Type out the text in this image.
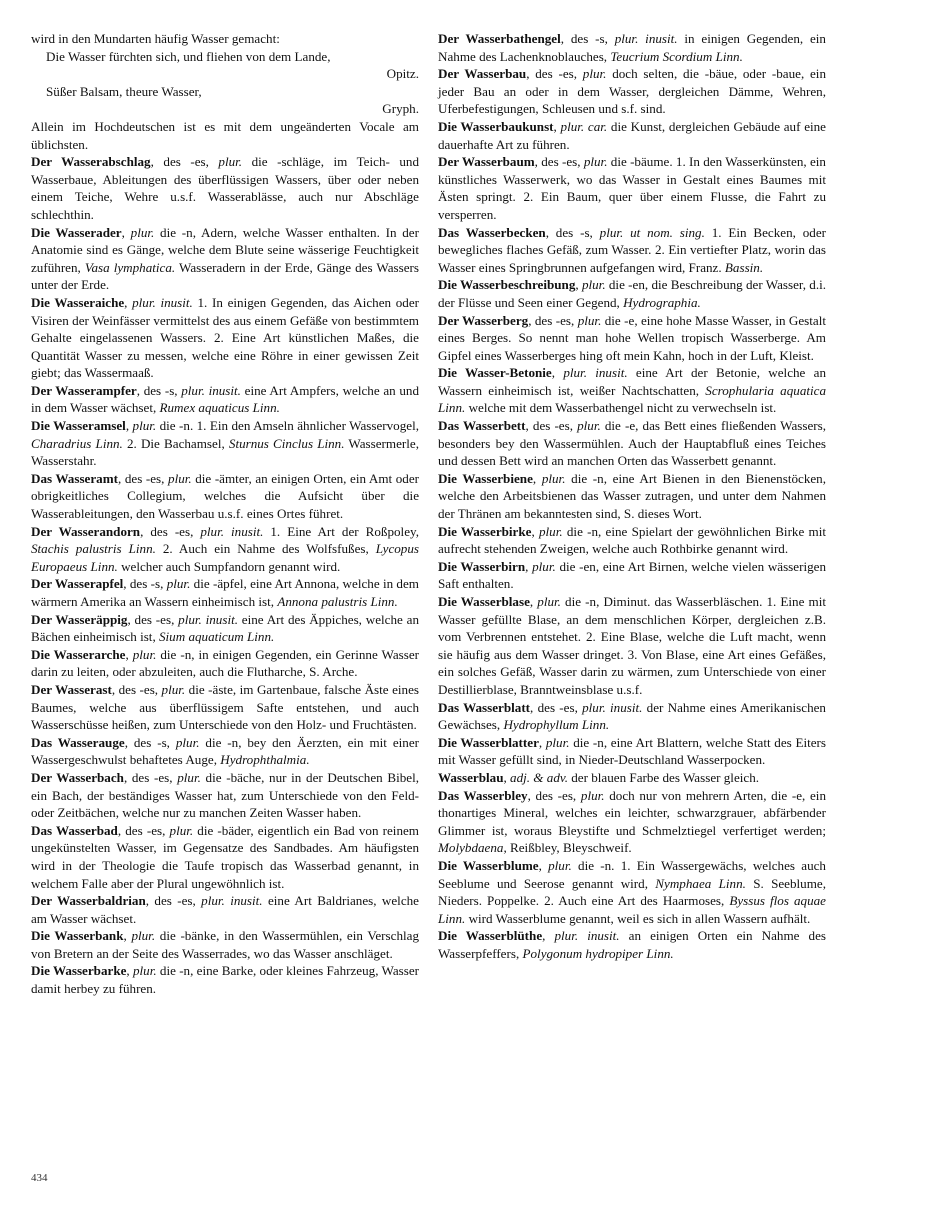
wird in den Mundarten häufig Wasser gemacht:

Die Wasser fürchten sich, und fliehen von dem Lande,

Opitz.

Süßer Balsam, theure Wasser,

Gryph.

Allein im Hochdeutschen ist es mit dem ungeänderten Vocale am üblichsten.

Der Wasserabschlag, des -es, plur. die -schläge, im Teich- und Wasserbaue, Ableitungen des überflüssigen Wassers, über oder neben einem Teiche, Wehre u.s.f. Wasserablässe, auch nur Abschläge schlechthin.

Die Wasserader, plur. die -n, Adern, welche Wasser enthalten. In der Anatomie sind es Gänge, welche dem Blute seine wässerige Feuchtigkeit zuführen, Vasa lymphatica. Wasseradern in der Erde, Gänge des Wassers unter der Erde.

Die Wasseraiche, plur. inusit. 1. In einigen Gegenden, das Aichen oder Visiren der Weinfässer vermittelst des aus einem Gefäße von bestimmtem Gehalte eingelassenen Wassers. 2. Eine Art künstlichen Maßes, die Quantität Wasser zu messen, welche eine Röhre in einer gewissen Zeit giebt; das Wassermaaß.

Der Wasserampfer, des -s, plur. inusit. eine Art Ampfers, welche an und in dem Wasser wächset, Rumex aquaticus Linn.

Die Wasseramsel, plur. die -n. 1. Ein den Amseln ähnlicher Wasservogel, Charadrius Linn. 2. Die Bachamsel, Sturnus Cinclus Linn. Wassermerle, Wasserstahr.

Das Wasseramt, des -es, plur. die -ämter, an einigen Orten, ein Amt oder obrigkeitliches Collegium, welches die Aufsicht über die Wasserableitungen, den Wasserbau u.s.f. eines Ortes führet.

Der Wasserandorn, des -es, plur. inusit. 1. Eine Art der Roßpoley, Stachis palustris Linn. 2. Auch ein Nahme des Wolfsfußes, Lycopus Europaeus Linn. welcher auch Sumpfandorn genannt wird.

Der Wasserapfel, des -s, plur. die -äpfel, eine Art Annona, welche in dem wärmern Amerika an Wassern einheimisch ist, Annona palustris Linn.

Der Wasseräppig, des -es, plur. inusit. eine Art des Äppiches, welche an Bächen einheimisch ist, Sium aquaticum Linn.

Die Wasserarche, plur. die -n, in einigen Gegenden, ein Gerinne Wasser darin zu leiten, oder abzuleiten, auch die Flutharche, S. Arche.

Der Wasserast, des -es, plur. die -äste, im Gartenbaue, falsche Äste eines Baumes, welche aus überflüssigem Safte entstehen, und auch Wasserschüsse heißen, zum Unterschiede von den Holz- und Fruchtästen.

Das Wasserauge, des -s, plur. die -n, bey den Äerzten, ein mit einer Wassergeschwulst behaftetes Auge, Hydrophthalmia.

Der Wasserbach, des -es, plur. die -bäche, nur in der Deutschen Bibel, ein Bach, der beständiges Wasser hat, zum Unterschiede von den Feld- oder Zeitbächen, welche nur zu manchen Zeiten Wasser haben.

Das Wasserbad, des -es, plur. die -bäder, eigentlich ein Bad von reinem ungekünstelten Wasser, im Gegensatze des Sandbades. Am häufigsten wird in der Theologie die Taufe tropisch das Wasserbad genannt, in welchem Falle aber der Plural ungewöhnlich ist.

Der Wasserbaldrian, des -es, plur. inusit. eine Art Baldrianes, welche am Wasser wächset.

Die Wasserbank, plur. die -bänke, in den Wassermühlen, ein Verschlag von Bretern an der Seite des Wasserrades, wo das Wasser anschläget.

Die Wasserbarke, plur. die -n, eine Barke, oder kleines Fahrzeug, Wasser damit herbey zu führen.

Der Wasserbathengel, des -s, plur. inusit. in einigen Gegenden, ein Nahme des Lachenknoblauches, Teucrium Scordium Linn.

Der Wasserbau, des -es, plur. doch selten, die -bäue, oder -baue, ein jeder Bau an oder in dem Wasser, dergleichen Dämme, Wehren, Uferbefestigungen, Schleusen und s.f. sind.

Die Wasserbaukunst, plur. car. die Kunst, dergleichen Gebäude auf eine dauerhafte Art zu führen.

Der Wasserbaum, des -es, plur. die -bäume. 1. In den Wasserkünsten, ein künstliches Wasserwerk, wo das Wasser in Gestalt eines Baumes mit Ästen springt. 2. Ein Baum, quer über einem Flusse, die Fahrt zu versperren.

Das Wasserbecken, des -s, plur. ut nom. sing. 1. Ein Becken, oder bewegliches flaches Gefäß, zum Wasser. 2. Ein vertiefter Platz, worin das Wasser eines Springbrunnen aufgefangen wird, Franz. Bassin.

Die Wasserbeschreibung, plur. die -en, die Beschreibung der Wasser, d.i. der Flüsse und Seen einer Gegend, Hydrographia.

Der Wasserberg, des -es, plur. die -e, eine hohe Masse Wasser, in Gestalt eines Berges. So nennt man hohe Wellen tropisch Wasserberge. Am Gipfel eines Wasserberges hing oft mein Kahn, hoch in der Luft, Kleist.

Die Wasser-Betonie, plur. inusit. eine Art der Betonie, welche an Wassern einheimisch ist, weißer Nachtschatten, Scrophularia aquatica Linn. welche mit dem Wasserbathengel nicht zu verwechseln ist.

Das Wasserbett, des -es, plur. die -e, das Bett eines fließenden Wassers, besonders bey den Wassermühlen. Auch der Hauptabfluß eines Teiches und dessen Bett wird an manchen Orten das Wasserbett genannt.

Die Wasserbiene, plur. die -n, eine Art Bienen in den Bienenstöcken, welche den Arbeitsbienen das Wasser zutragen, und unter dem Nahmen der Thränen am bekanntesten sind, S. dieses Wort.

Die Wasserbirke, plur. die -n, eine Spielart der gewöhnlichen Birke mit aufrecht stehenden Zweigen, welche auch Rothbirke genannt wird.

Die Wasserbirn, plur. die -en, eine Art Birnen, welche vielen wässerigen Saft enthalten.

Die Wasserblase, plur. die -n, Diminut. das Wasserbläschen. 1. Eine mit Wasser gefüllte Blase, an dem menschlichen Körper, dergleichen z.B. vom Verbrennen entstehet. 2. Eine Blase, welche die Luft macht, wenn sie häufig aus dem Wasser dringet. 3. Von Blase, eine Art eines Gefäßes, ein solches Gefäß, Wasser darin zu wärmen, zum Unterschiede von einer Destillierblase, Branntweinsblase u.s.f.

Das Wasserblatt, des -es, plur. inusit. der Nahme eines Amerikanischen Gewächses, Hydrophyllum Linn.

Die Wasserblatter, plur. die -n, eine Art Blattern, welche Statt des Eiters mit Wasser gefüllt sind, in Nieder-Deutschland Wasserpocken.

Wasserblau, adj. & adv. der blauen Farbe des Wasser gleich.

Das Wasserbley, des -es, plur. doch nur von mehrern Arten, die -e, ein thonartiges Mineral, welches ein leichter, schwarzgrauer, abfärbender Glimmer ist, woraus Bleystifte und Schmelztiegel verfertiget werden; Molybdaena, Reißbley, Bleyschweif.

Die Wasserblume, plur. die -n. 1. Ein Wassergewächs, welches auch Seeblume und Seerose genannt wird, Nymphaea Linn. S. Seeblume, Nieders. Poppelke. 2. Auch eine Art des Haarmoses, Byssus flos aquae Linn. wird Wasserblume genannt, weil es sich in allen Wassern aufhält.

Die Wasserblüthe, plur. inusit. an einigen Orten ein Nahme des Wasserpfeffers, Polygonum hydropiper Linn.

434
